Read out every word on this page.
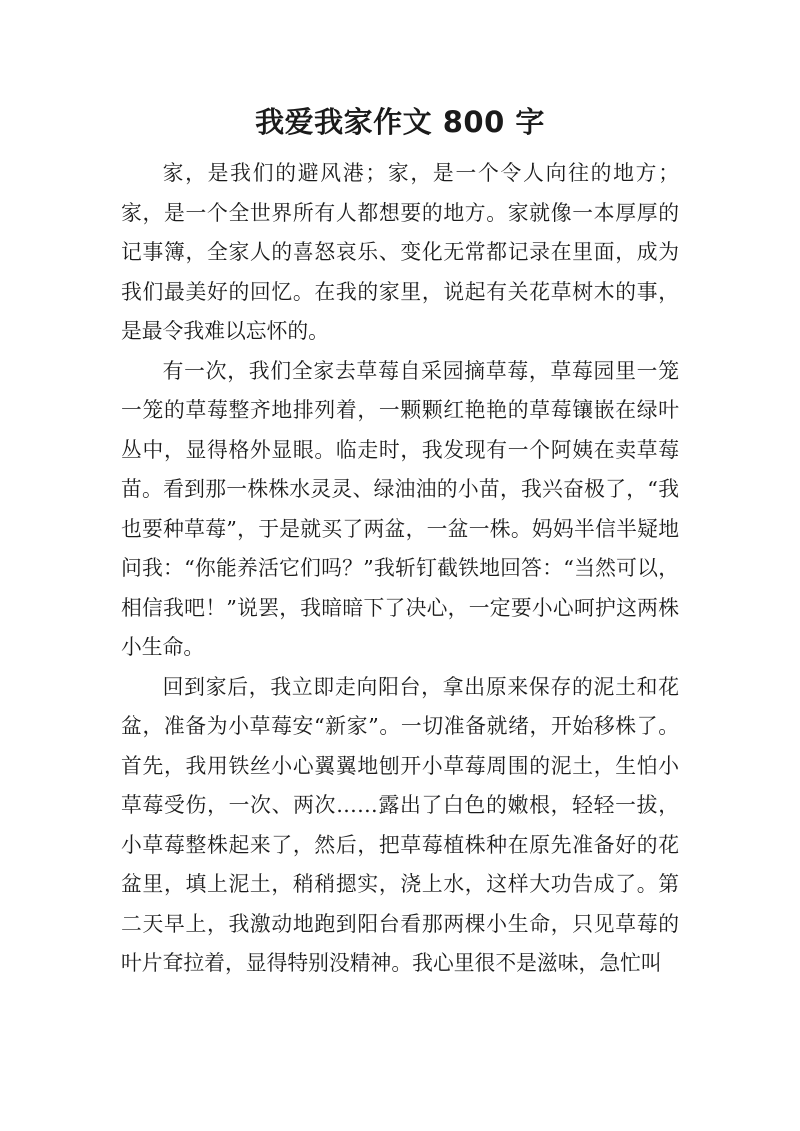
我爱我家作文 800 字

家，是我们的避风港；家，是一个令人向往的地方；家，是一个全世界所有人都想要的地方。家就像一本厚厚的记事簿，全家人的喜怒哀乐、变化无常都记录在里面，成为我们最美好的回忆。在我的家里，说起有关花草树木的事，是最令我难以忘怀的。

有一次，我们全家去草莓自采园摘草莓，草莓园里一笼一笼的草莓整齐地排列着，一颗颗红艳艳的草莓镶嵌在绿叶丛中，显得格外显眼。临走时，我发现有一个阿姨在卖草莓苗。看到那一株株水灵灵、绿油油的小苗，我兴奋极了，“我也要种草莓”，于是就买了两盆，一盆一株。妈妈半信半疑地问我：“你能养活它们吗？”我斩钉截铁地回答：“当然可以，相信我吧！”说罢，我暗暗下了决心，一定要小心呵护这两株小生命。

回到家后，我立即走向阳台，拿出原来保存的泥土和花盆，准备为小草莓安“新家”。一切准备就绪，开始移株了。首先，我用铁丝小心翼翼地刨开小草莓周围的泥土，生怕小草莓受伤，一次、两次……露出了白色的嫩根，轻轻一拔，小草莓整株起来了，然后，把草莓植株种在原先准备好的花盆里，填上泥土，稍稍摁实，浇上水，这样大功告成了。第二天早上，我激动地跑到阳台看那两棵小生命，只见草莓的叶片耷拉着，显得特别没精神。我心里很不是滋味，急忙叫
